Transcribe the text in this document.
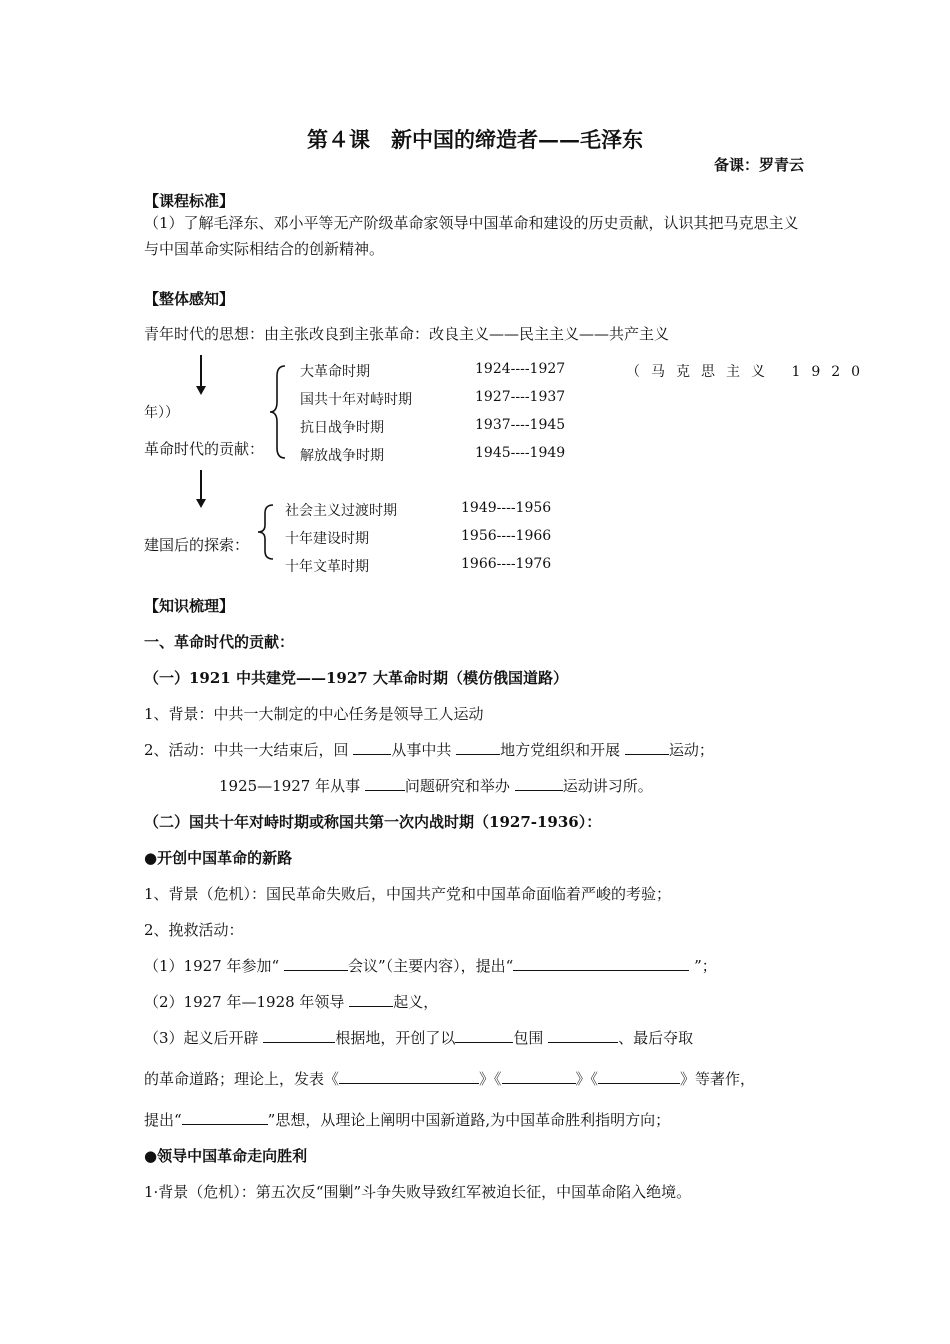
第４课　新中国的缔造者——毛泽东
备课：罗青云
【课程标准】
（1）了解毛泽东、邓小平等无产阶级革命家领导中国革命和建设的历史贡献，认识其把马克思主义与中国革命实际相结合的创新精神。
【整体感知】
青年时代的思想：由主张改良到主张革命：改良主义——民主主义——共产主义
大革命时期	1924----1927
国共十年对峙时期	1927----1937
抗日战争时期	1937----1945
解放战争时期	1945----1949
（马克思主义 1920
年））
革命时代的贡献：
社会主义过渡时期	1949----1956
十年建设时期	1956----1966
十年文革时期	1966----1976
建国后的探索：
【知识梳理】
一、革命时代的贡献：
（一）1921 中共建党——1927 大革命时期（模仿俄国道路）
1、背景：中共一大制定的中心任务是领导工人运动
2、活动：中共一大结束后，回	从事中共	地方党组织和开展	运动；
1925—1927 年从事	问题研究和举办	运动讲习所。
（二）国共十年对峙时期或称国共第一次内战时期（1927-1936）：
●开创中国革命的新路
1、背景（危机）：国民革命失败后，中国共产党和中国革命面临着严峻的考验；
2、挽救活动：
（1）1927 年参加“	会议”（主要内容），提出“	”；
（2）1927 年—1928 年领导	起义，
（3）起义后开辟	根据地，开创了以	包围	、最后夺取
的革命道路；理论上，发表《	》《	》《	》等著作，
提出“	”思想，从理论上阐明中国新道路,为中国革命胜利指明方向；
●领导中国革命走向胜利
1·背景（危机）：第五次反“围剿”斗争失败导致红军被迫长征，中国革命陷入绝境。
